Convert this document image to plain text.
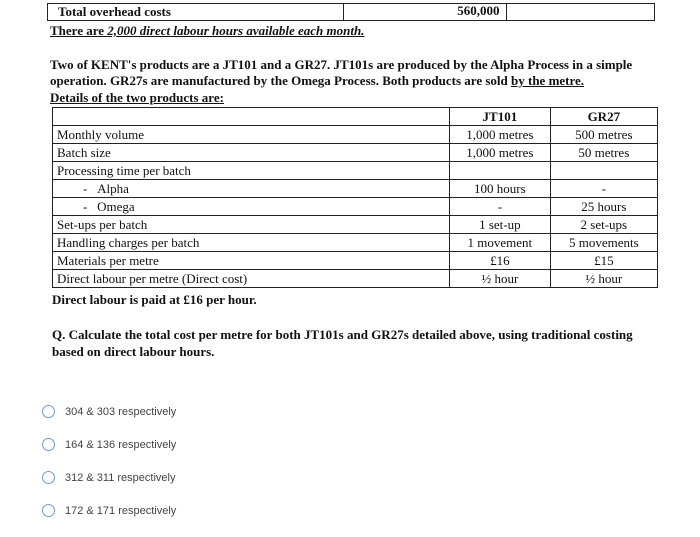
Total overhead costs	560,000
There are 2,000 direct labour hours available each month.
Two of KENT's products are a JT101 and a GR27. JT101s are produced by the Alpha Process in a simple operation. GR27s are manufactured by the Omega Process. Both products are sold by the metre.
Details of the two products are:
	JT101	GR27
Monthly volume	1,000 metres	500 metres
Batch size	1,000 metres	50 metres
Processing time per batch		
-   Alpha	100 hours	-
-   Omega	-	25 hours
Set-ups per batch	1 set-up	2 set-ups
Handling charges per batch	1 movement	5 movements
Materials per metre	£16	£15
Direct labour per metre (Direct cost)	½ hour	½ hour
Direct labour is paid at £16 per hour.
Q. Calculate the total cost per metre for both JT101s and GR27s detailed above, using traditional costing based on direct labour hours.
304 & 303 respectively
164 & 136 respectively
312 & 311 respectively
172 & 171 respectively
